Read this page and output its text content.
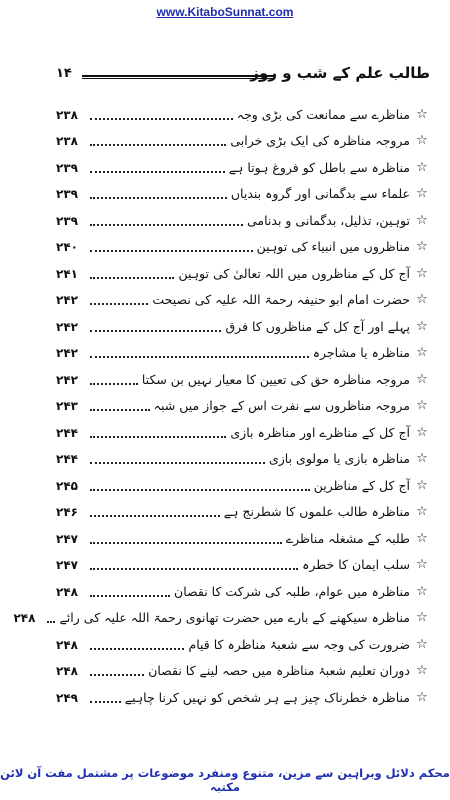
www.KitaboSunnat.com
طالب علم کے شب و روز
۱۴
☆
مناظرے سے ممانعت کی بڑی وجہ
۲۳۸
☆
مروجہ مناظرہ کی ایک بڑی خرابی
۲۳۸
☆
مناظرہ سے باطل کو فروغ ہوتا ہے
۲۳۹
☆
علماء سے بدگمانی اور گروہ بندیاں
۲۳۹
☆
توہین، تذلیل، بدگمانی و بدنامی
۲۳۹
☆
مناظروں میں انبیاء کی توہین
۲۴۰
☆
آج کل کے مناظروں میں اللہ تعالیٰ کی توہین
۲۴۱
☆
حضرت امام ابو حنیفہ رحمۃ اللہ علیہ کی نصیحت
۲۴۲
☆
پہلے اور آج کل کے مناظروں کا فرق
۲۴۲
☆
مناظرہ یا مشاجرہ
۲۴۲
☆
مروجہ مناظرہ حق کی تعیین کا معیار نہیں بن سکتا
۲۴۲
☆
مروجہ مناظروں سے نفرت اس کے جواز میں شبہ
۲۴۳
☆
آج کل کے مناظرے اور مناظرہ بازی
۲۴۴
☆
مناظرہ بازی یا مولوی بازی
۲۴۴
☆
آج کل کے مناظرین
۲۴۵
☆
مناظرہ طالب علموں کا شطرنج ہے
۲۴۶
☆
طلبہ کے مشغلہ مناظرے
۲۴۷
☆
سلب ایمان کا خطرہ
۲۴۷
☆
مناظرہ میں عوام، طلبہ کی شرکت کا نقصان
۲۴۸
☆
مناظرہ سیکھنے کے بارے میں حضرت تھانوی رحمۃ اللہ علیہ کی رائے
۲۴۸
☆
ضرورت کی وجہ سے شعبۂ مناظرہ کا قیام
۲۴۸
☆
دوران تعلیم شعبۂ مناظرہ میں حصہ لینے کا نقصان
۲۴۸
☆
مناظرہ خطرناک چیز ہے ہر شخص کو نہیں کرنا چاہیے
۲۴۹
محکم دلائل وبراہین سے مزین، متنوع ومنفرد موضوعات پر مشتمل مفت آن لائن مکتبہ
